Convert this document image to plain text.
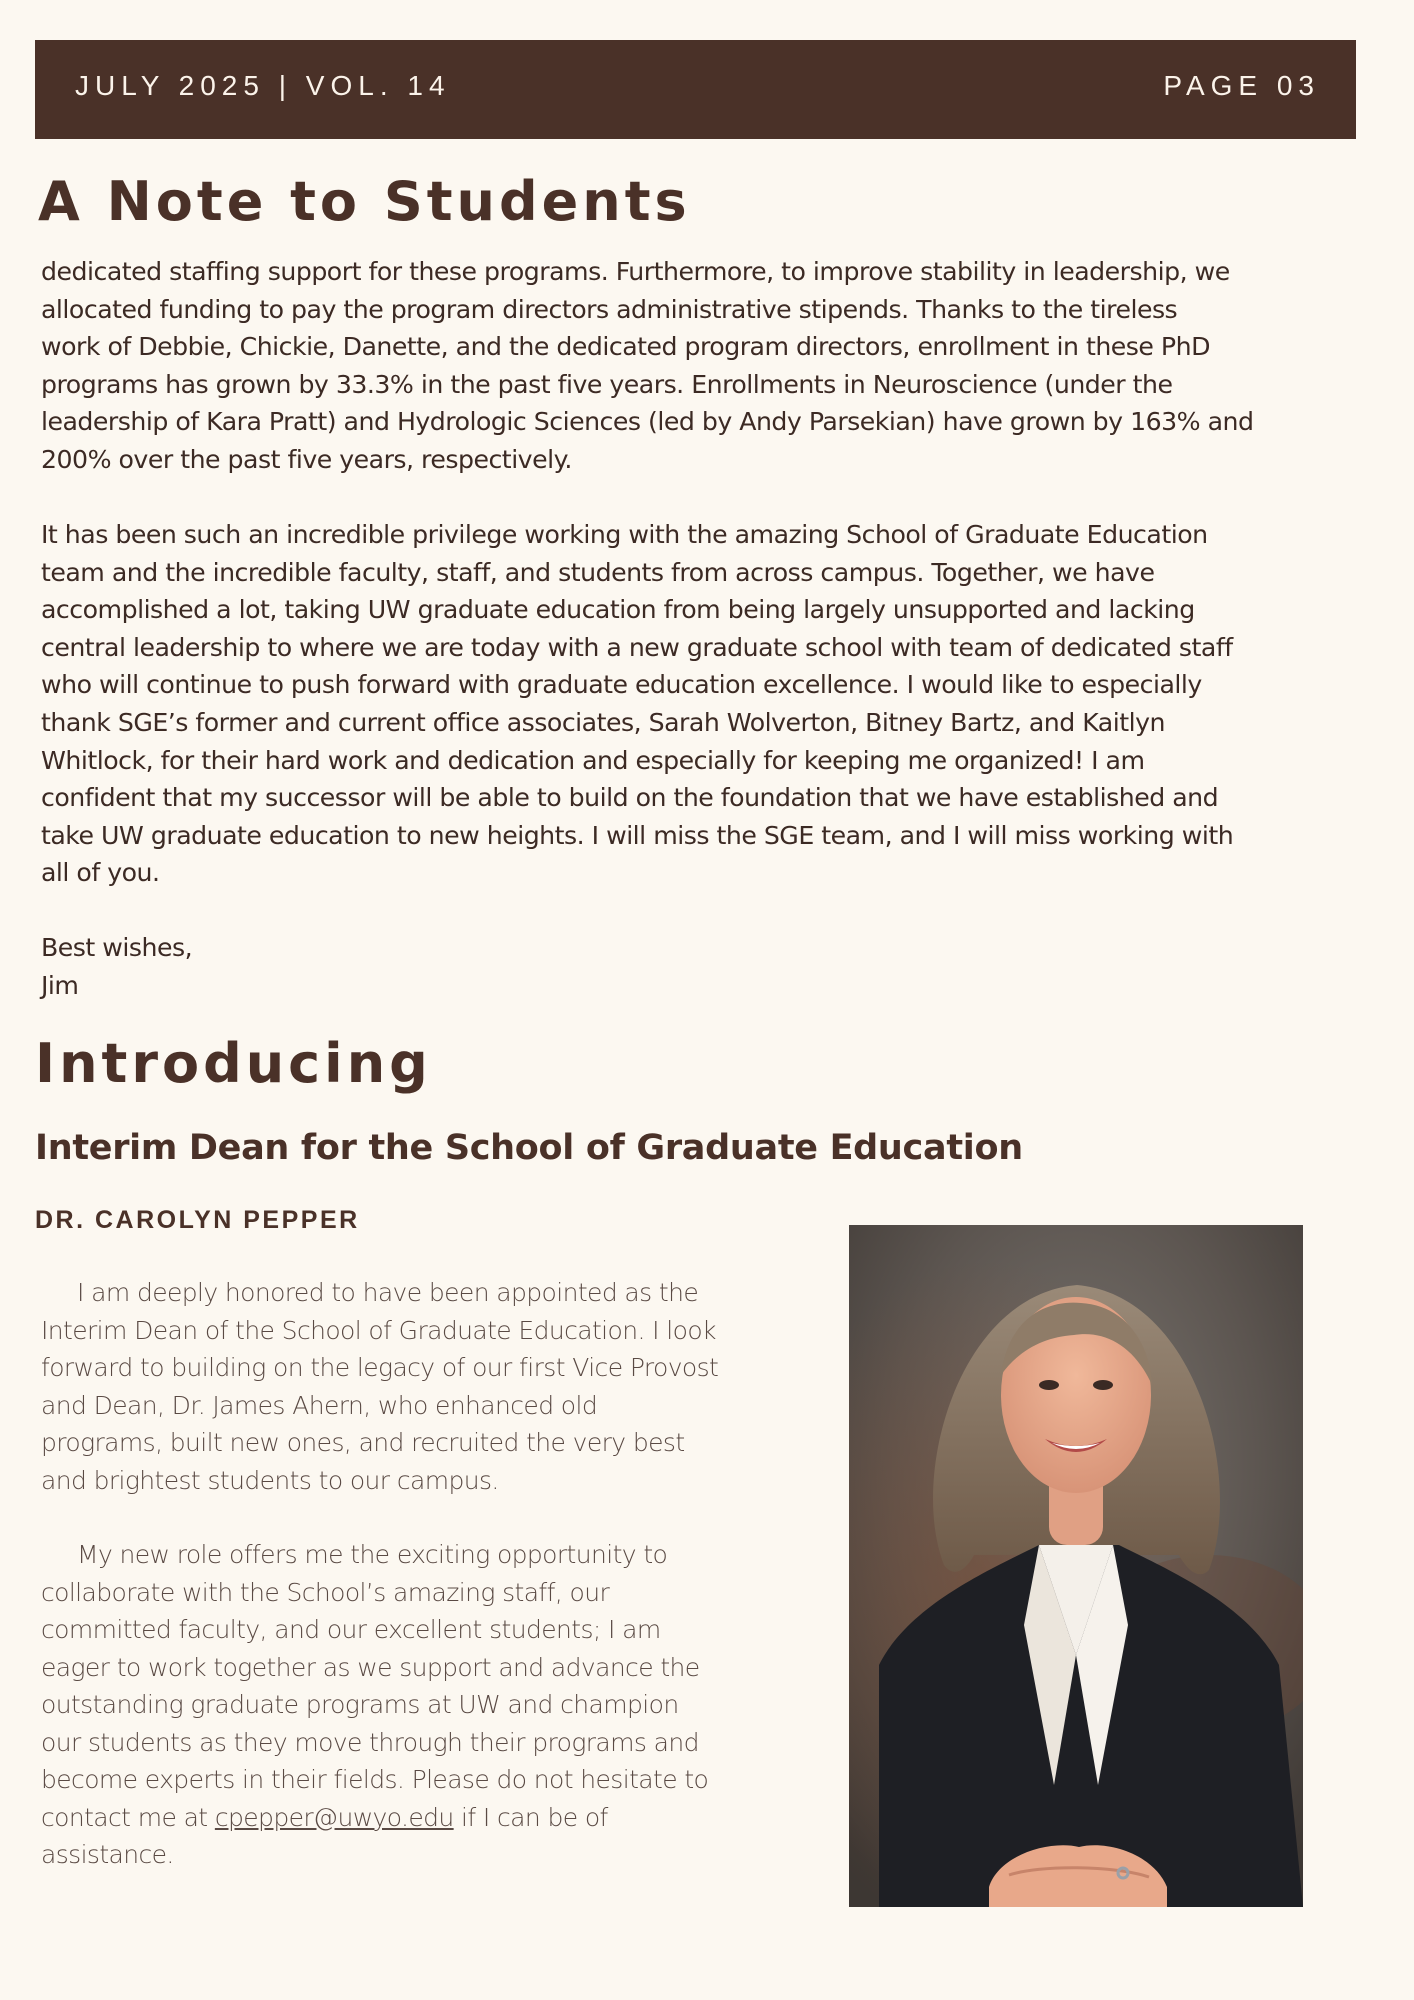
JULY 2025 | VOL. 14	PAGE 03
A Note to Students
dedicated staffing support for these programs. Furthermore, to improve stability in leadership, we
allocated funding to pay the program directors administrative stipends. Thanks to the tireless
work of Debbie, Chickie, Danette, and the dedicated program directors, enrollment in these PhD
programs has grown by 33.3% in the past five years. Enrollments in Neuroscience (under the
leadership of Kara Pratt) and Hydrologic Sciences (led by Andy Parsekian) have grown by 163% and
200% over the past five years, respectively.
It has been such an incredible privilege working with the amazing School of Graduate Education
team and the incredible faculty, staff, and students from across campus. Together, we have
accomplished a lot, taking UW graduate education from being largely unsupported and lacking
central leadership to where we are today with a new graduate school with team of dedicated staff
who will continue to push forward with graduate education excellence. I would like to especially
thank SGE’s former and current office associates, Sarah Wolverton, Bitney Bartz, and Kaitlyn
Whitlock, for their hard work and dedication and especially for keeping me organized! I am
confident that my successor will be able to build on the foundation that we have established and
take UW graduate education to new heights. I will miss the SGE team, and I will miss working with
all of you.
Best wishes,
Jim
Introducing
Interim Dean for the School of Graduate Education
DR. CAROLYN PEPPER
I am deeply honored to have been appointed as the
Interim Dean of the School of Graduate Education. I look
forward to building on the legacy of our first Vice Provost
and Dean, Dr. James Ahern, who enhanced old
programs, built new ones, and recruited the very best
and brightest students to our campus.
My new role offers me the exciting opportunity to
collaborate with the School’s amazing staff, our
committed faculty, and our excellent students; I am
eager to work together as we support and advance the
outstanding graduate programs at UW and champion
our students as they move through their programs and
become experts in their fields. Please do not hesitate to
contact me at cpepper@uwyo.edu if I can be of
assistance.
